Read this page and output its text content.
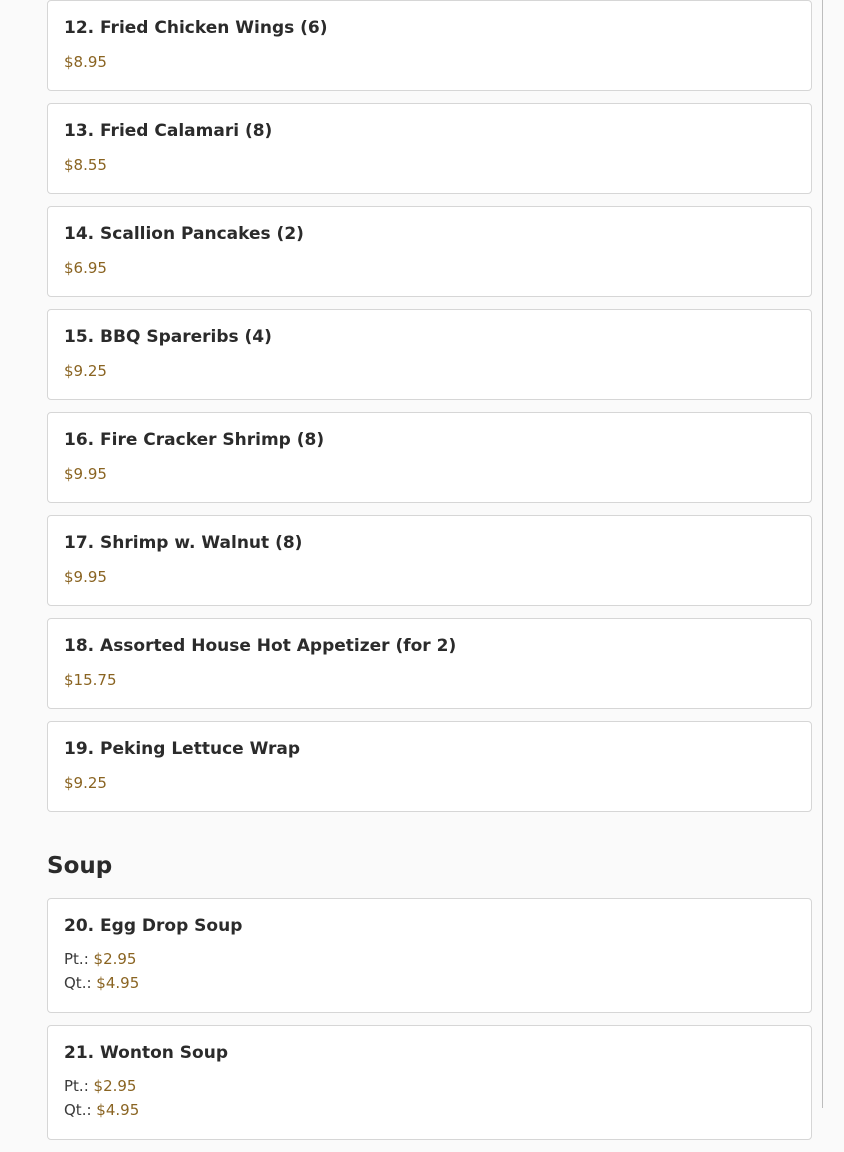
12. Fried Chicken Wings (6)
$8.95
13. Fried Calamari (8)
$8.55
14. Scallion Pancakes (2)
$6.95
15. BBQ Spareribs (4)
$9.25
16. Fire Cracker Shrimp (8)
$9.95
17. Shrimp w. Walnut (8)
$9.95
18. Assorted House Hot Appetizer (for 2)
$15.75
19. Peking Lettuce Wrap
$9.25
Soup
20. Egg Drop Soup
Pt.: $2.95
Qt.: $4.95
21. Wonton Soup
Pt.: $2.95
Qt.: $4.95
